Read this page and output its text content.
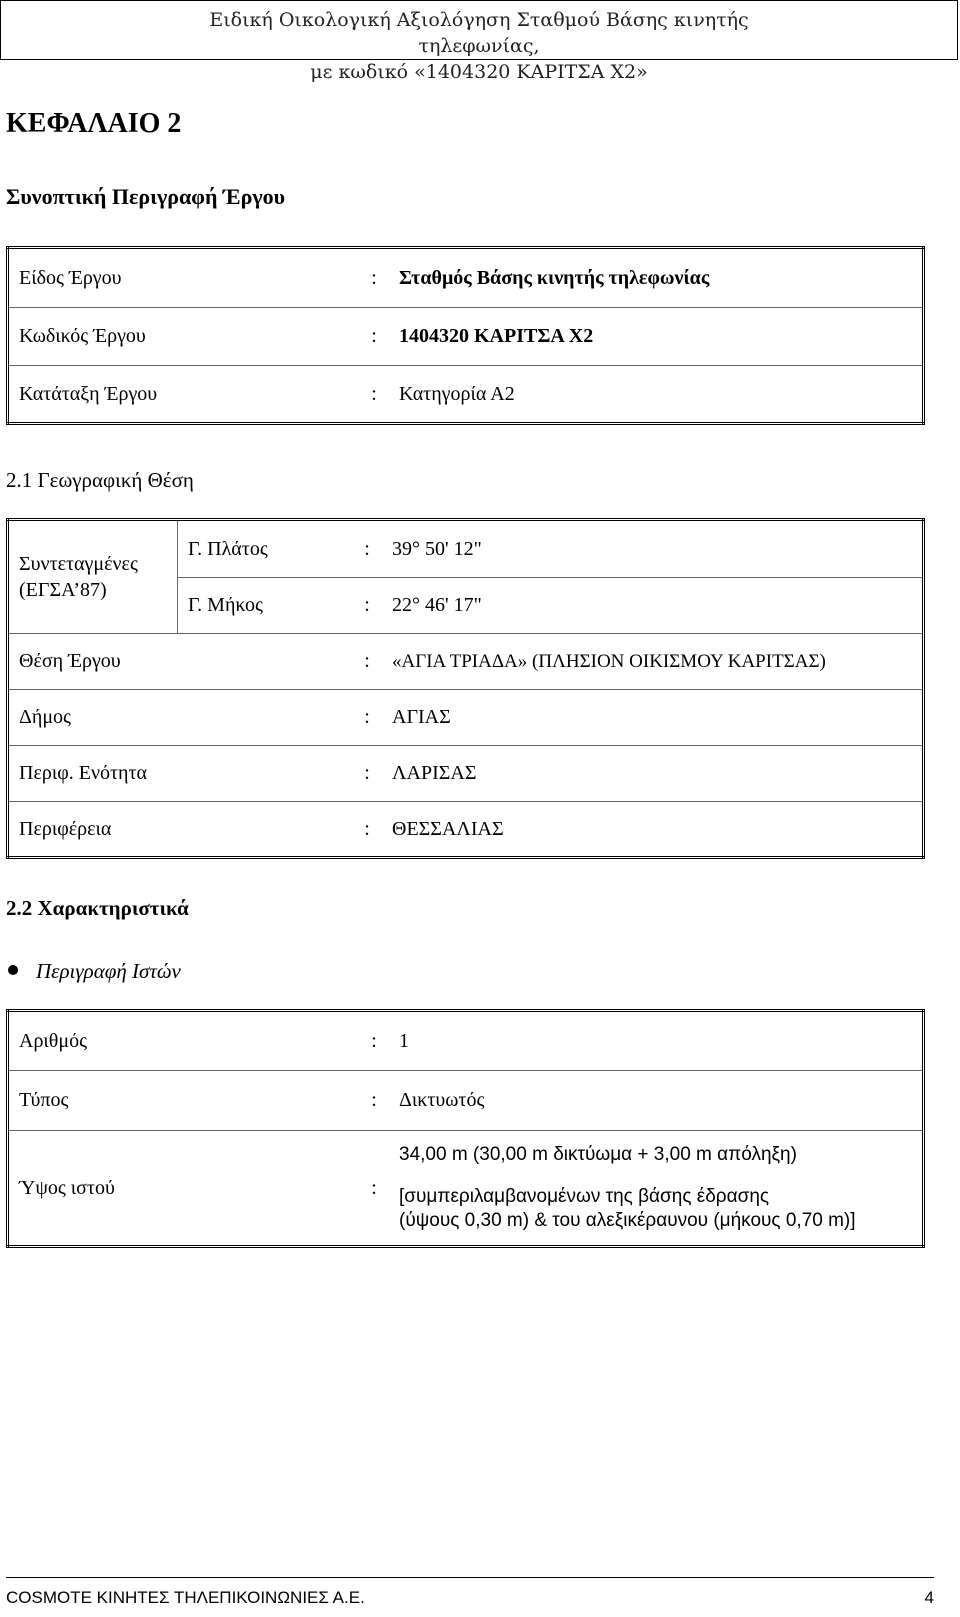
Ειδική Οικολογική Αξιολόγηση Σταθμού Βάσης κινητής τηλεφωνίας,
με κωδικό «1404320 ΚΑΡΙΤΣΑ Χ2»
ΚΕΦΑΛΑΙΟ 2
Συνοπτική Περιγραφή Έργου
Είδος Έργου	:	Σταθμός Βάσης κινητής τηλεφωνίας
Κωδικός Έργου	:	1404320 ΚΑΡΙΤΣΑ Χ2
Κατάταξη Έργου	:	Κατηγορία Α2
2.1 Γεωγραφική Θέση
Συντεταγμένες
(ΕΓΣΑ’87)	Γ. Πλάτος	:	39° 50' 12"
	Γ. Μήκος	:	22° 46' 17"
Θέση Έργου		:	«ΑΓΙΑ ΤΡΙΑΔΑ» (ΠΛΗΣΙΟΝ ΟΙΚΙΣΜΟΥ ΚΑΡΙΤΣΑΣ)
Δήμος		:	ΑΓΙΑΣ
Περιφ. Ενότητα		:	ΛΑΡΙΣΑΣ
Περιφέρεια		:	ΘΕΣΣΑΛΙΑΣ
2.2 Χαρακτηριστικά
Περιγραφή Ιστών
Αριθμός	:	1
Τύπος	:	Δικτυωτός
Ύψος ιστού	:	34,00 m (30,00 m δικτύωμα + 3,00 m απόληξη)
[συμπεριλαμβανομένων της βάσης έδρασης
(ύψους 0,30 m) & του αλεξικέραυνου (μήκους 0,70 m)]
COSMOTE ΚΙΝΗΤΕΣ ΤΗΛΕΠΙΚΟΙΝΩΝΙΕΣ Α.Ε.	4
